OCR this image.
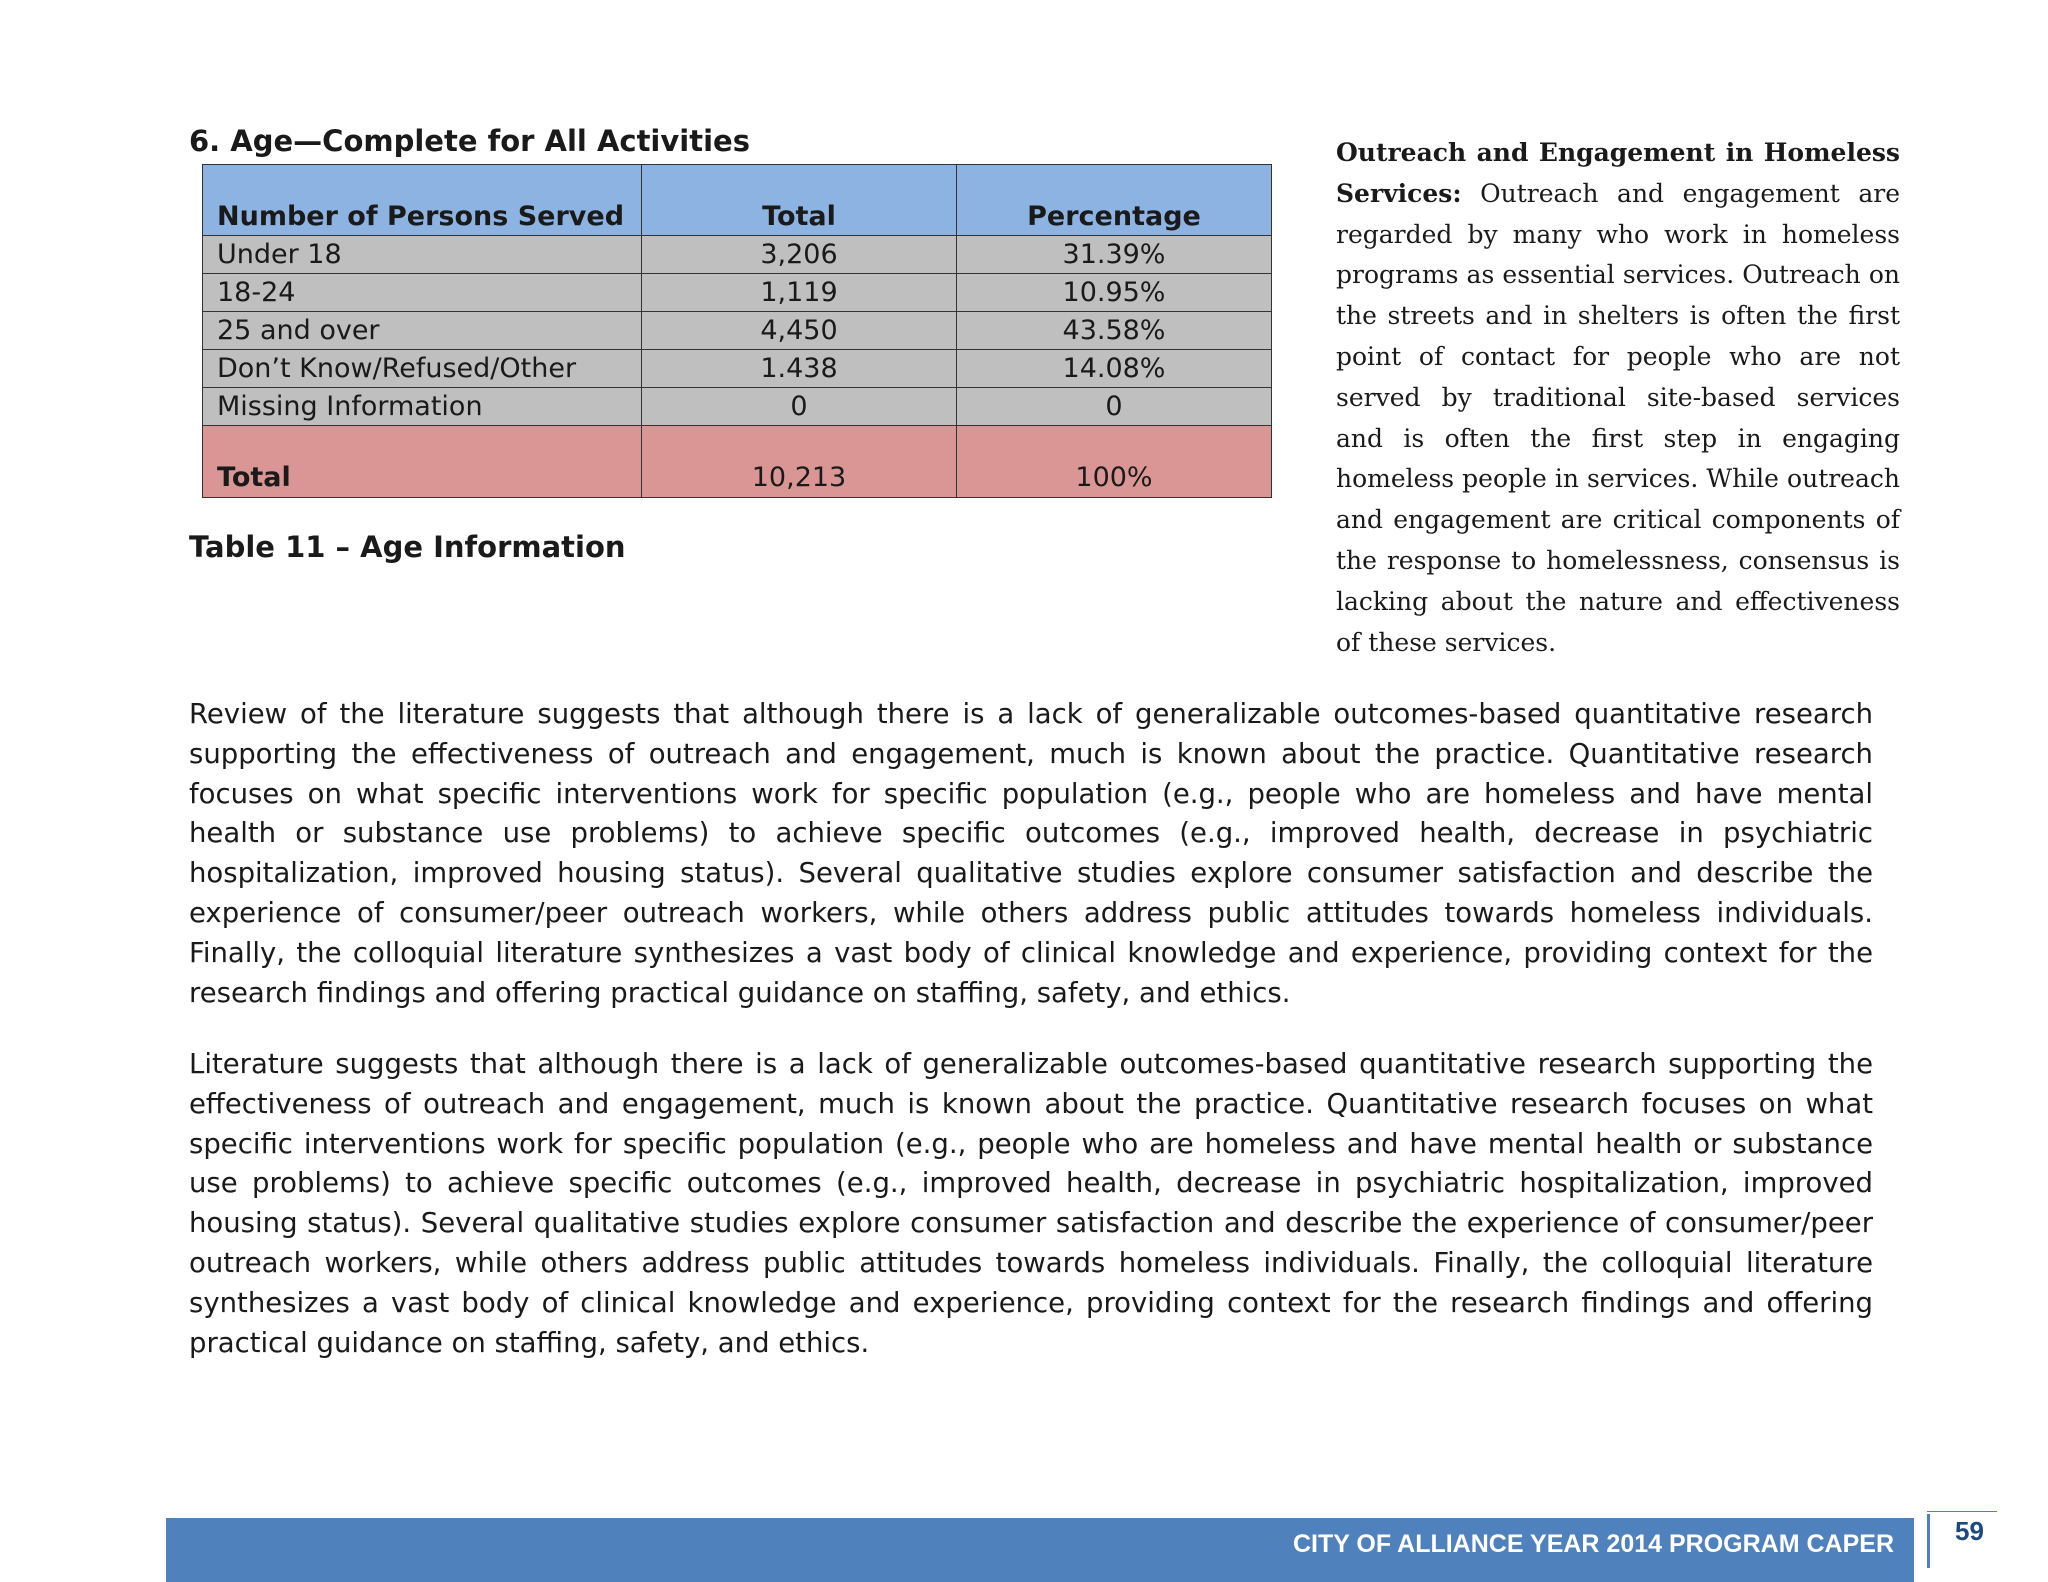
6. Age—Complete for All Activities
Number of Persons Served	Total	Percentage
Under 18	3,206	31.39%
18-24	1,119	10.95%
25 and over	4,450	43.58%
Don’t Know/Refused/Other	1.438	14.08%
Missing Information	0	0
Total	10,213	100%
Table 11 – Age Information

Outreach and Engagement in Homeless Services: Outreach and engagement are regarded by many who work in homeless programs as essential services. Outreach on the streets and in shelters is often the first point of contact for people who are not served by traditional site-based services and is often the first step in engaging homeless people in services. While outreach and engagement are critical components of the response to homelessness, consensus is lacking about the nature and effectiveness of these services.

Review of the literature suggests that although there is a lack of generalizable outcomes-based quantitative research supporting the effectiveness of outreach and engagement, much is known about the practice. Quantitative research focuses on what specific interventions work for specific population (e.g., people who are homeless and have mental health or substance use problems) to achieve specific outcomes (e.g., improved health, decrease in psychiatric hospitalization, improved housing status). Several qualitative studies explore consumer satisfaction and describe the experience of consumer/peer outreach workers, while others address public attitudes towards homeless individuals. Finally, the colloquial literature synthesizes a vast body of clinical knowledge and experience, providing context for the research findings and offering practical guidance on staffing, safety, and ethics.

Literature suggests that although there is a lack of generalizable outcomes-based quantitative research supporting the effectiveness of outreach and engagement, much is known about the practice. Quantitative research focuses on what specific interventions work for specific population (e.g., people who are homeless and have mental health or substance use problems) to achieve specific outcomes (e.g., improved health, decrease in psychiatric hospitalization, improved housing status). Several qualitative studies explore consumer satisfaction and describe the experience of consumer/peer outreach workers, while others address public attitudes towards homeless individuals. Finally, the colloquial literature synthesizes a vast body of clinical knowledge and experience, providing context for the research findings and offering practical guidance on staffing, safety, and ethics.

CITY OF ALLIANCE YEAR 2014 PROGRAM CAPER 59
